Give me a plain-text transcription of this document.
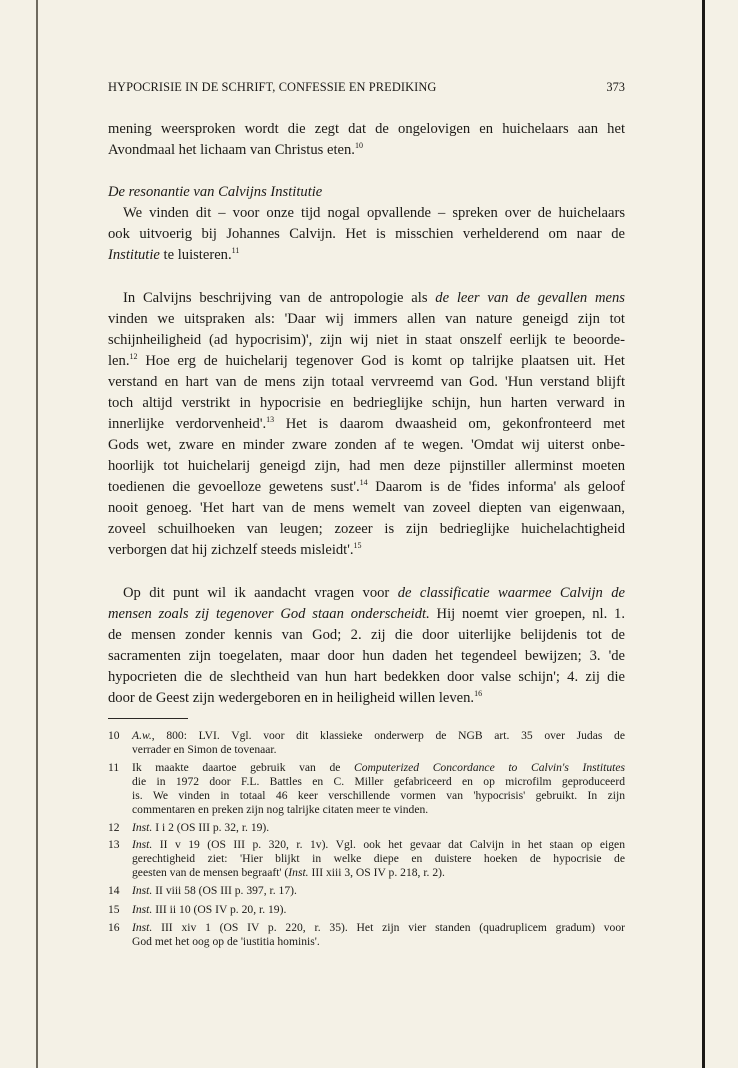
HYPOCRISIE IN DE SCHRIFT, CONFESSIE EN PREDIKING	373
mening weersproken wordt die zegt dat de ongelovigen en huichelaars aan het
Avondmaal het lichaam van Christus eten.$^{10}$
De resonantie van Calvijns Institutie
We vinden dit – voor onze tijd nogal opvallende – spreken over de huichelaars
ook uitvoerig bij Johannes Calvijn. Het is misschien verhelderend om naar de
Institutie te luisteren.$^{11}$
In Calvijns beschrijving van de antropologie als de leer van de gevallen mens
vinden we uitspraken als: 'Daar wij immers allen van nature geneigd zijn tot
schijnheiligheid (ad hypocrisim)', zijn wij niet in staat onszelf eerlijk te beoorde-
len.$^{12}$ Hoe erg de huichelarij tegenover God is komt op talrijke plaatsen uit. Het
verstand en hart van de mens zijn totaal vervreemd van God. 'Hun verstand blijft
toch altijd verstrikt in hypocrisie en bedrieglijke schijn, hun harten verward in
innerlijke verdorvenheid'.$^{13}$ Het is daarom dwaasheid om, gekonfronteerd met
Gods wet, zware en minder zware zonden af te wegen. 'Omdat wij uiterst onbe-
hoorlijk tot huichelarij geneigd zijn, had men deze pijnstiller allerminst moeten
toedienen die gevoelloze gewetens sust'.$^{14}$ Daarom is de 'fides informa' als geloof
nooit genoeg. 'Het hart van de mens wemelt van zoveel diepten van eigenwaan,
zoveel schuilhoeken van leugen; zozeer is zijn bedrieglijke huichelachtigheid
verborgen dat hij zichzelf steeds misleidt'.$^{15}$
Op dit punt wil ik aandacht vragen voor de classificatie waarmee Calvijn de
mensen zoals zij tegenover God staan onderscheidt. Hij noemt vier groepen, nl. 1.
de mensen zonder kennis van God; 2. zij die door uiterlijke belijdenis tot de
sacramenten zijn toegelaten, maar door hun daden het tegendeel bewijzen; 3. 'de
hypocrieten die de slechtheid van hun hart bedekken door valse schijn'; 4. zij die
door de Geest zijn wedergeboren en in heiligheid willen leven.$^{16}$
10 A.w., 800: LVI. Vgl. voor dit klassieke onderwerp de NGB art. 35 over Judas de
verrader en Simon de tovenaar.
11 Ik maakte daartoe gebruik van de Computerized Concordance to Calvin's Institutes
die in 1972 door F.L. Battles en C. Miller gefabriceerd en op microfilm geproduceerd
is. We vinden in totaal 46 keer verschillende vormen van 'hypocrisis' gebruikt. In zijn
commentaren en preken zijn nog talrijke citaten meer te vinden.
12 Inst. I i 2 (OS III p. 32, r. 19).
13 Inst. II v 19 (OS III p. 320, r. 1v). Vgl. ook het gevaar dat Calvijn in het staan op eigen
gerechtigheid ziet: 'Hier blijkt in welke diepe en duistere hoeken de hypocrisie de
geesten van de mensen begraaft' (Inst. III xiii 3, OS IV p. 218, r. 2).
14 Inst. II viii 58 (OS III p. 397, r. 17).
15 Inst. III ii 10 (OS IV p. 20, r. 19).
16 Inst. III xiv 1 (OS IV p. 220, r. 35). Het zijn vier standen (quadruplicem gradum) voor
God met het oog op de 'iustitia hominis'.
